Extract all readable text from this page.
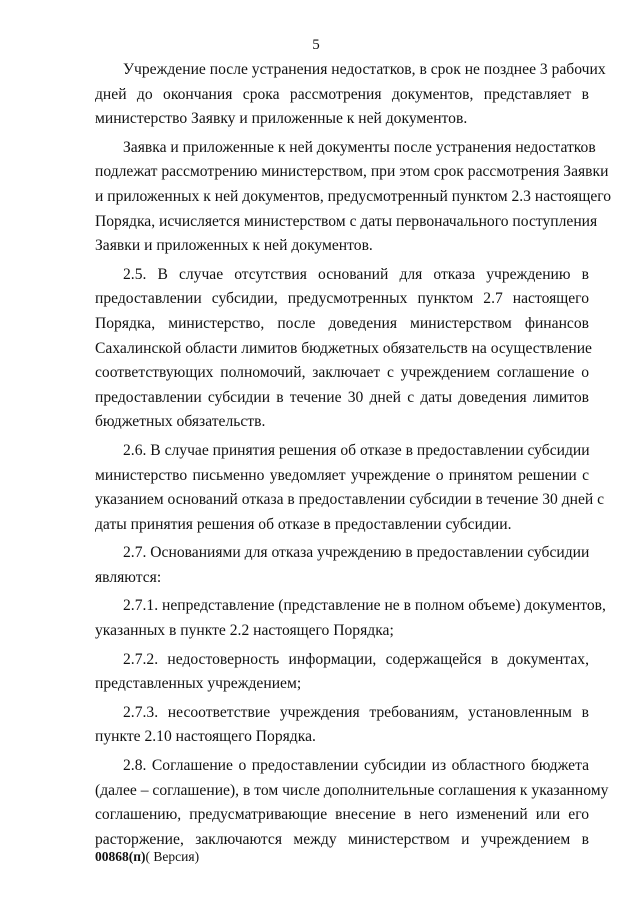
5
Учреждение после устранения недостатков, в срок не позднее 3 рабочих
дней до окончания срока рассмотрения документов, представляет в
министерство Заявку и приложенные к ней документов.
Заявка и приложенные к ней документы после устранения недостатков
подлежат рассмотрению министерством, при этом срок рассмотрения Заявки
и приложенных к ней документов, предусмотренный пунктом 2.3 настоящего
Порядка, исчисляется министерством с даты первоначального поступления
Заявки и приложенных к ней документов.
2.5. В случае отсутствия оснований для отказа учреждению в
предоставлении субсидии, предусмотренных пунктом 2.7 настоящего
Порядка, министерство, после доведения министерством финансов
Сахалинской области лимитов бюджетных обязательств на осуществление
соответствующих полномочий, заключает с учреждением соглашение о
предоставлении субсидии в течение 30 дней с даты доведения лимитов
бюджетных обязательств.
2.6. В случае принятия решения об отказе в предоставлении субсидии
министерство письменно уведомляет учреждение о принятом решении с
указанием оснований отказа в предоставлении субсидии в течение 30 дней с
даты принятия решения об отказе в предоставлении субсидии.
2.7. Основаниями для отказа учреждению в предоставлении субсидии
являются:
2.7.1. непредставление (представление не в полном объеме) документов,
указанных в пункте 2.2 настоящего Порядка;
2.7.2. недостоверность информации, содержащейся в документах,
представленных учреждением;
2.7.3. несоответствие учреждения требованиям, установленным в
пункте 2.10 настоящего Порядка.
2.8. Соглашение о предоставлении субсидии из областного бюджета
(далее – соглашение), в том числе дополнительные соглашения к указанному
соглашению, предусматривающие внесение в него изменений или его
расторжение, заключаются между министерством и учреждением в
00868(п)( Версия)
